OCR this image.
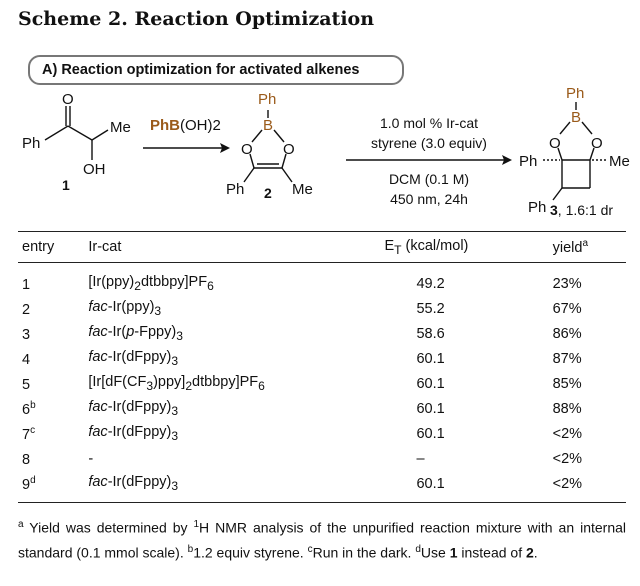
Scheme 2. Reaction Optimization
A) Reaction optimization for activated alkenes
O
Ph
Me
OH
1
PhB(OH)2
Ph
B
O O
Ph	Me
2
1.0 mol % Ir-cat
styrene (3.0 equiv)
DCM (0.1 M)
450 nm, 24h
Ph
B
O O
Ph	Me
Ph 3, 1.6:1 dr
entry	Ir-cat	$E_T$ (kcal/mol)	yield$^a$
1	$[Ir(ppy)_2dtbbpy]PF_6$	49.2	23%
2	fac-$Ir(ppy)_3$	55.2	67%
3	fac-$Ir(p-Fppy)_3$	58.6	86%
4	fac-$Ir(dFppy)_3$	60.1	87%
5	$[Ir[dF(CF_3)ppy]_2dtbbpy]PF_6$	60.1	85%
6$^b$	fac-$Ir(dFppy)_3$	60.1	88%
7$^c$	fac-$Ir(dFppy)_3$	60.1	<2%
8	-	–	<2%
9$^d$	fac-$Ir(dFppy)_3$	60.1	<2%
$^a$ Yield was determined by $^1$H NMR analysis of the unpurified reaction mixture with an internal standard (0.1 mmol scale). $^b$1.2 equiv styrene. $^c$Run in the dark. $^d$Use 1 instead of 2.
